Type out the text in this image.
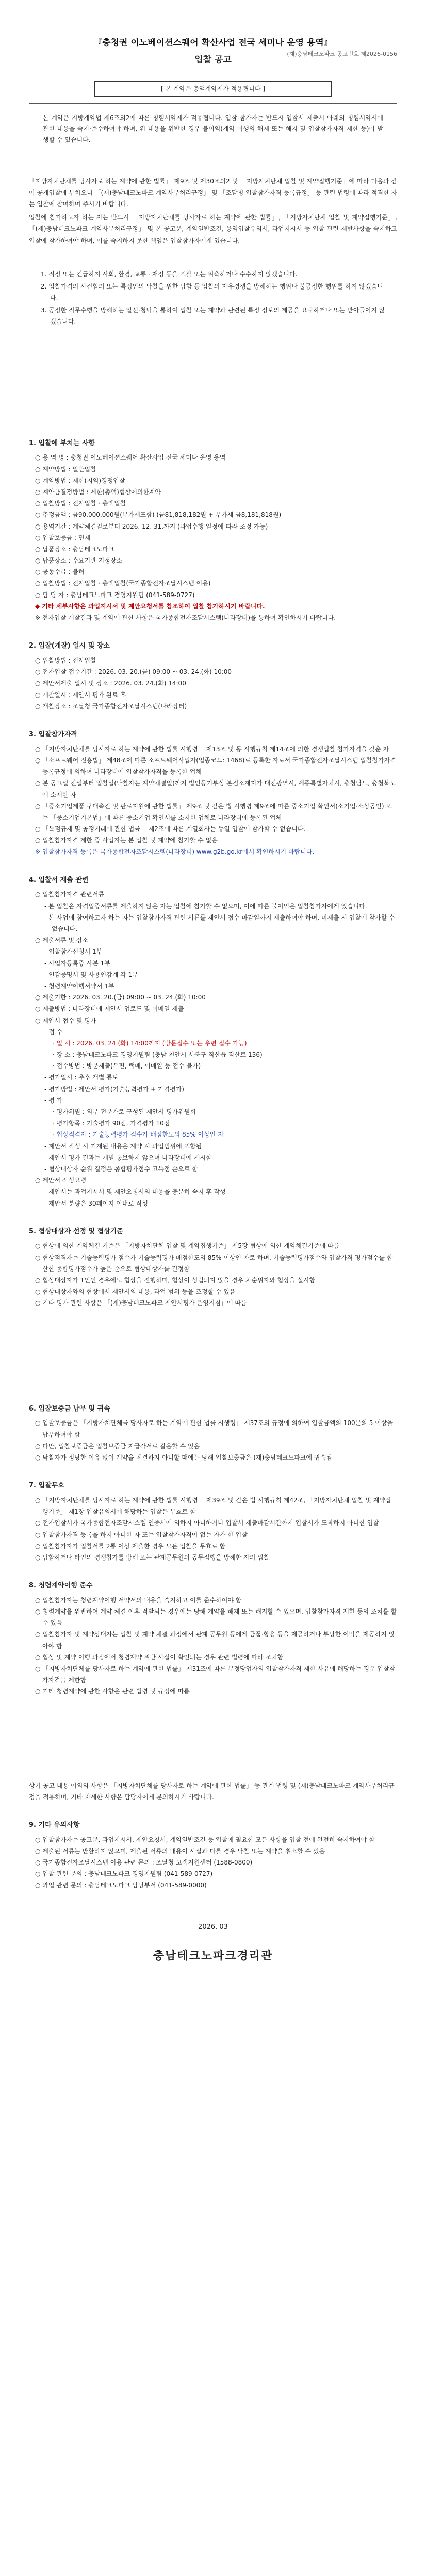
(재)충남테크노파크 공고번호 제2026-0156
『충청권 이노베이션스퀘어 확산사업 전국 세미나 운영 용역』
입찰 공고
[ 본 계약은 총액계약제가 적용됩니다 ]

본 계약은 지방계약법 제6조의2에 따른 청렴서약제가 적용됩니다. 입찰 참가자는 반드시 입찰서 제출시 아래의 청렴서약서에 관한 내용을 숙지·준수하여야 하며, 위 내용을 위반한 경우 불이익(계약 이행의 해제 또는 해지 및 입찰참가자격 제한 등)이 발생할 수 있습니다.

「지방자치단체를 당사자로 하는 계약에 관한 법률」 제9조 및 제30조의2 및 「지방자치단체 입찰 및 계약집행기준」에 따라 다음과 같이 공개입찰에 부치오니 「(재)충남테크노파크 계약사무처리규정」 및 「조달청 입찰참가자격 등록규정」 등 관련 법령에 따라 적격한 자는 입찰에 참여하여 주시기 바랍니다.

입찰에 참가하고자 하는 자는 반드시 「지방자치단체를 당사자로 하는 계약에 관한 법률」, 「지방자치단체 입찰 및 계약집행기준」, 「(재)충남테크노파크 계약사무처리규정」 및 본 공고문, 계약일반조건, 용역입찰유의서, 과업지시서 등 입찰 관련 제반사항을 숙지하고 입찰에 참가하여야 하며, 이를 숙지하지 못한 책임은 입찰참가자에게 있습니다.

1. 적정 또는 긴급하지 사회, 환경, 교통 · 재정 등을 포괄 또는 위축하거나 수수하지 않겠습니다.
2. 입찰가격의 사전협의 또는 특정인의 낙찰을 위한 담합 등 입찰의 자유경쟁을 방해하는 행위나 불공정한 행위를 하지 않겠습니다.
3. 공정한 직무수행을 방해하는 알선·청탁을 통하여 입찰 또는 계약과 관련된 특정 정보의 제공을 요구하거나 또는 받아들이지 않겠습니다.
1. 입찰에 부치는 사항
○ 용 역 명 : 충청권 이노베이션스퀘어 확산사업 전국 세미나 운영 용역
○ 계약방법 : 일반입찰
○ 계약방법 : 제한(지역)경쟁입찰
○ 계약금결정방법 : 제한(총액)협상에의한계약
○ 입찰방법 : 전자입찰 · 총액입찰
○ 추정금액 : 금90,000,000원(부가세포함) (금81,818,182원 + 부가세 금8,181,818원)
○ 용역기간 : 계약체결일로부터 2026. 12. 31.까지 (과업수행 일정에 따라 조정 가능)
○ 입찰보증금 : 면제
○ 납품장소 : 충남테크노파크
○ 납품장소 : 수요기관 지정장소
○ 공동수급 : 불허
○ 입찰방법 : 전자입찰 · 총액입찰(국가종합전자조달시스템 이용)
○ 담 당 자 : 충남테크노파크 경영지원팀 (041-589-0727)
◆ 기타 세부사항은 과업지시서 및 제안요청서를 참조하여 입찰 참가하시기 바랍니다.
※ 전자입찰 개찰결과 및 계약에 관한 사항은 국가종합전자조달시스템(나라장터)을 통하여 확인하시기 바랍니다.
2. 입찰(개찰) 일시 및 장소
○ 입찰방법 : 전자입찰
○ 전자입찰 접수기간 : 2026. 03. 20.(금) 09:00 ~ 03. 24.(화) 10:00
○ 제안서제출 일시 및 장소 : 2026. 03. 24.(화) 14:00
○ 개찰일시 : 제안서 평가 완료 후
○ 개찰장소 : 조달청 국가종합전자조달시스템(나라장터)
3. 입찰참가자격
○ 「지방자치단체를 당사자로 하는 계약에 관한 법률 시행령」 제13조 및 동 시행규칙 제14조에 의한 경쟁입찰 참가자격을 갖춘 자
○ 「소프트웨어 진흥법」 제48조에 따른 소프트웨어사업자(업종코드: 1468)로 등록한 자로서 국가종합전자조달시스템 입찰참가자격등록규정에 의하여 나라장터에 입찰참가자격을 등록한 업체
○ 본 공고일 전일부터 입찰일(낙찰자는 계약체결일)까지 법인등기부상 본점소재지가 대전광역시, 세종특별자치시, 충청남도, 충청북도에 소재한 자
○ 「중소기업제품 구매촉진 및 판로지원에 관한 법률」 제9조 및 같은 법 시행령 제9조에 따른 중소기업 확인서(소기업·소상공인) 또는 「중소기업기본법」에 따른 중소기업 확인서를 소지한 업체로 나라장터에 등록된 업체
○ 「독점규제 및 공정거래에 관한 법률」 제2조에 따른 계열회사는 동일 입찰에 참가할 수 없습니다.
○ 입찰참가자격 제한 중 사업자는 본 입찰 및 계약에 참가할 수 없음
※ 입찰참가자격 등록은 국가종합전자조달시스템(나라장터) www.g2b.go.kr에서 확인하시기 바랍니다.
4. 입찰서 제출 관련
○ 입찰참가자격 관련서류
- 본 입찰은 자격입증서류를 제출하지 않은 자는 입찰에 참가할 수 없으며, 이에 따른 불이익은 입찰참가자에게 있습니다.
- 본 사업에 참여하고자 하는 자는 입찰참가자격 관련 서류를 제안서 접수 마감일까지 제출하여야 하며, 미제출 시 입찰에 참가할 수 없습니다.
○ 제출서류 및 장소
- 입찰참가신청서 1부
- 사업자등록증 사본 1부
- 인감증명서 및 사용인감계 각 1부
- 청렴계약이행서약서 1부
○ 제출기한 : 2026. 03. 20.(금) 09:00 ~ 03. 24.(화) 10:00
○ 제출방법 : 나라장터에 제안서 업로드 및 이메일 제출
○ 제안서 접수 및 평가
- 접 수
· 일 시 : 2026. 03. 24.(화) 14:00까지 (방문접수 또는 우편 접수 가능)
· 장 소 : 충남테크노파크 경영지원팀 (충남 천안시 서북구 직산읍 직산로 136)
· 접수방법 : 방문제출(우편, 택배, 이메일 등 접수 불가)
- 평가일시 : 추후 개별 통보
- 평가방법 : 제안서 평가(기술능력평가 + 가격평가)
- 평 가
· 평가위원 : 외부 전문가로 구성된 제안서 평가위원회
· 평가항목 : 기술평가 90점, 가격평가 10점
· 협상적격자 : 기술능력평가 점수가 배점한도의 85% 이상인 자
- 제안서 작성 시 기재된 내용은 계약 시 과업범위에 포함됨
- 제안서 평가 결과는 개별 통보하지 않으며 나라장터에 게시함
- 협상대상자 순위 결정은 종합평가점수 고득점 순으로 함
○ 제안서 작성요령
- 제안서는 과업지시서 및 제안요청서의 내용을 충분히 숙지 후 작성
- 제안서 분량은 30페이지 이내로 작성
5. 협상대상자 선정 및 협상기준
○ 협상에 의한 계약체결 기준은 「지방자치단체 입찰 및 계약집행기준」 제5장 협상에 의한 계약체결기준에 따름
○ 협상적격자는 기술능력평가 점수가 기술능력평가 배점한도의 85% 이상인 자로 하며, 기술능력평가점수와 입찰가격 평가점수를 합산한 종합평가점수가 높은 순으로 협상대상자를 결정함
○ 협상대상자가 1인인 경우에도 협상을 진행하며, 협상이 성립되지 않을 경우 차순위자와 협상을 실시함
○ 협상대상자와의 협상에서 제안서의 내용, 과업 범위 등을 조정할 수 있음
○ 기타 평가 관련 사항은 「(재)충남테크노파크 제안서평가 운영지침」에 따름
6. 입찰보증금 납부 및 귀속
○ 입찰보증금은 「지방자치단체를 당사자로 하는 계약에 관한 법률 시행령」 제37조의 규정에 의하여 입찰금액의 100분의 5 이상을 납부하여야 함
○ 다만, 입찰보증금은 입찰보증금 지급각서로 갈음할 수 있음
○ 낙찰자가 정당한 이유 없이 계약을 체결하지 아니할 때에는 당해 입찰보증금은 (재)충남테크노파크에 귀속됨
7. 입찰무효
○ 「지방자치단체를 당사자로 하는 계약에 관한 법률 시행령」 제39조 및 같은 법 시행규칙 제42조, 「지방자치단체 입찰 및 계약집행기준」 제1장 입찰유의서에 해당하는 입찰은 무효로 함
○ 전자입찰서가 국가종합전자조달시스템 인증서에 의하지 아니하거나 입찰서 제출마감시간까지 입찰서가 도착하지 아니한 입찰
○ 입찰참가자격 등록을 하지 아니한 자 또는 입찰참가자격이 없는 자가 한 입찰
○ 입찰참가자가 입찰서를 2통 이상 제출한 경우 모든 입찰을 무효로 함
○ 담합하거나 타인의 경쟁참가를 방해 또는 관계공무원의 공무집행을 방해한 자의 입찰
8. 청렴계약이행 준수
○ 입찰참가자는 청렴계약이행 서약서의 내용을 숙지하고 이를 준수하여야 함
○ 청렴계약을 위반하여 계약 체결 이후 적발되는 경우에는 당해 계약을 해제 또는 해지할 수 있으며, 입찰참가자격 제한 등의 조치를 할 수 있음
○ 입찰참가자 및 계약상대자는 입찰 및 계약 체결 과정에서 관계 공무원 등에게 금품·향응 등을 제공하거나 부당한 이익을 제공하지 않아야 함
○ 협상 및 계약 이행 과정에서 청렴계약 위반 사실이 확인되는 경우 관련 법령에 따라 조치함
○ 「지방자치단체를 당사자로 하는 계약에 관한 법률」 제31조에 따른 부정당업자의 입찰참가자격 제한 사유에 해당하는 경우 입찰참가자격을 제한함
○ 기타 청렴계약에 관한 사항은 관련 법령 및 규정에 따름

상기 공고 내용 이외의 사항은 「지방자치단체를 당사자로 하는 계약에 관한 법률」 등 관계 법령 및 (재)충남테크노파크 계약사무처리규정을 적용하며, 기타 자세한 사항은 담당자에게 문의하시기 바랍니다.

9. 기타 유의사항
○ 입찰참가자는 공고문, 과업지시서, 제안요청서, 계약일반조건 등 입찰에 필요한 모든 사항을 입찰 전에 완전히 숙지하여야 함
○ 제출된 서류는 반환하지 않으며, 제출된 서류의 내용이 사실과 다를 경우 낙찰 또는 계약을 취소할 수 있음
○ 국가종합전자조달시스템 이용 관련 문의 : 조달청 고객지원센터 (1588-0800)
○ 입찰 관련 문의 : 충남테크노파크 경영지원팀 (041-589-0727)
○ 과업 관련 문의 : 충남테크노파크 담당부서 (041-589-0000)
2026. 03
충남테크노파크경리관
